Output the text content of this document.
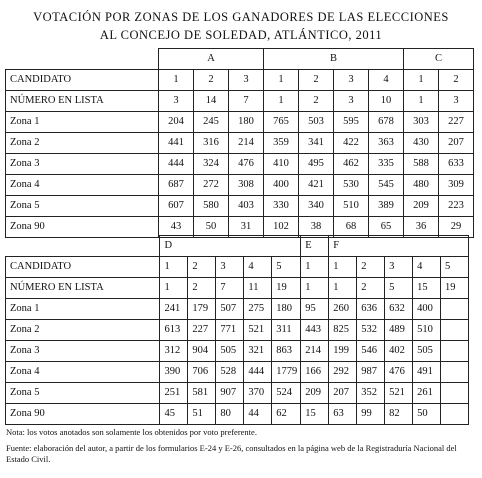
VOTACIÓN POR ZONAS DE LOS GANADORES DE LAS ELECCIONES
AL CONCEJO DE SOLEDAD, ATLÁNTICO, 2011
	A			B				C	
CANDIDATO	1	2	3	1	2	3	4	1	2
NÚMERO EN LISTA	3	14	7	1	2	3	10	1	3
Zona 1	204	245	180	765	503	595	678	303	227
Zona 2	441	316	214	359	341	422	363	430	207
Zona 3	444	324	476	410	495	462	335	588	633
Zona 4	687	272	308	400	421	530	545	480	309
Zona 5	607	580	403	330	340	510	389	209	223
Zona 90	43	50	31	102	38	68	65	36	29
	D					E	F				
CANDIDATO	1	2	3	4	5	1	1	2	3	4	5
NÚMERO EN LISTA	1	2	7	11	19	1	1	2	5	15	19
Zona 1	241	179	507	275	180	95	260	636	632	400	
Zona 2	613	227	771	521	311	443	825	532	489	510	
Zona 3	312	904	505	321	863	214	199	546	402	505	
Zona 4	390	706	528	444	1779	166	292	987	476	491	
Zona 5	251	581	907	370	524	209	207	352	521	261	
Zona 90	45	51	80	44	62	15	63	99	82	50	
Nota: los votos anotados son solamente los obtenidos por voto preferente.
Fuente: elaboración del autor, a partir de los formularios E-24 y E-26, consultados en la página web de la Registraduría Nacional del Estado Civil.
